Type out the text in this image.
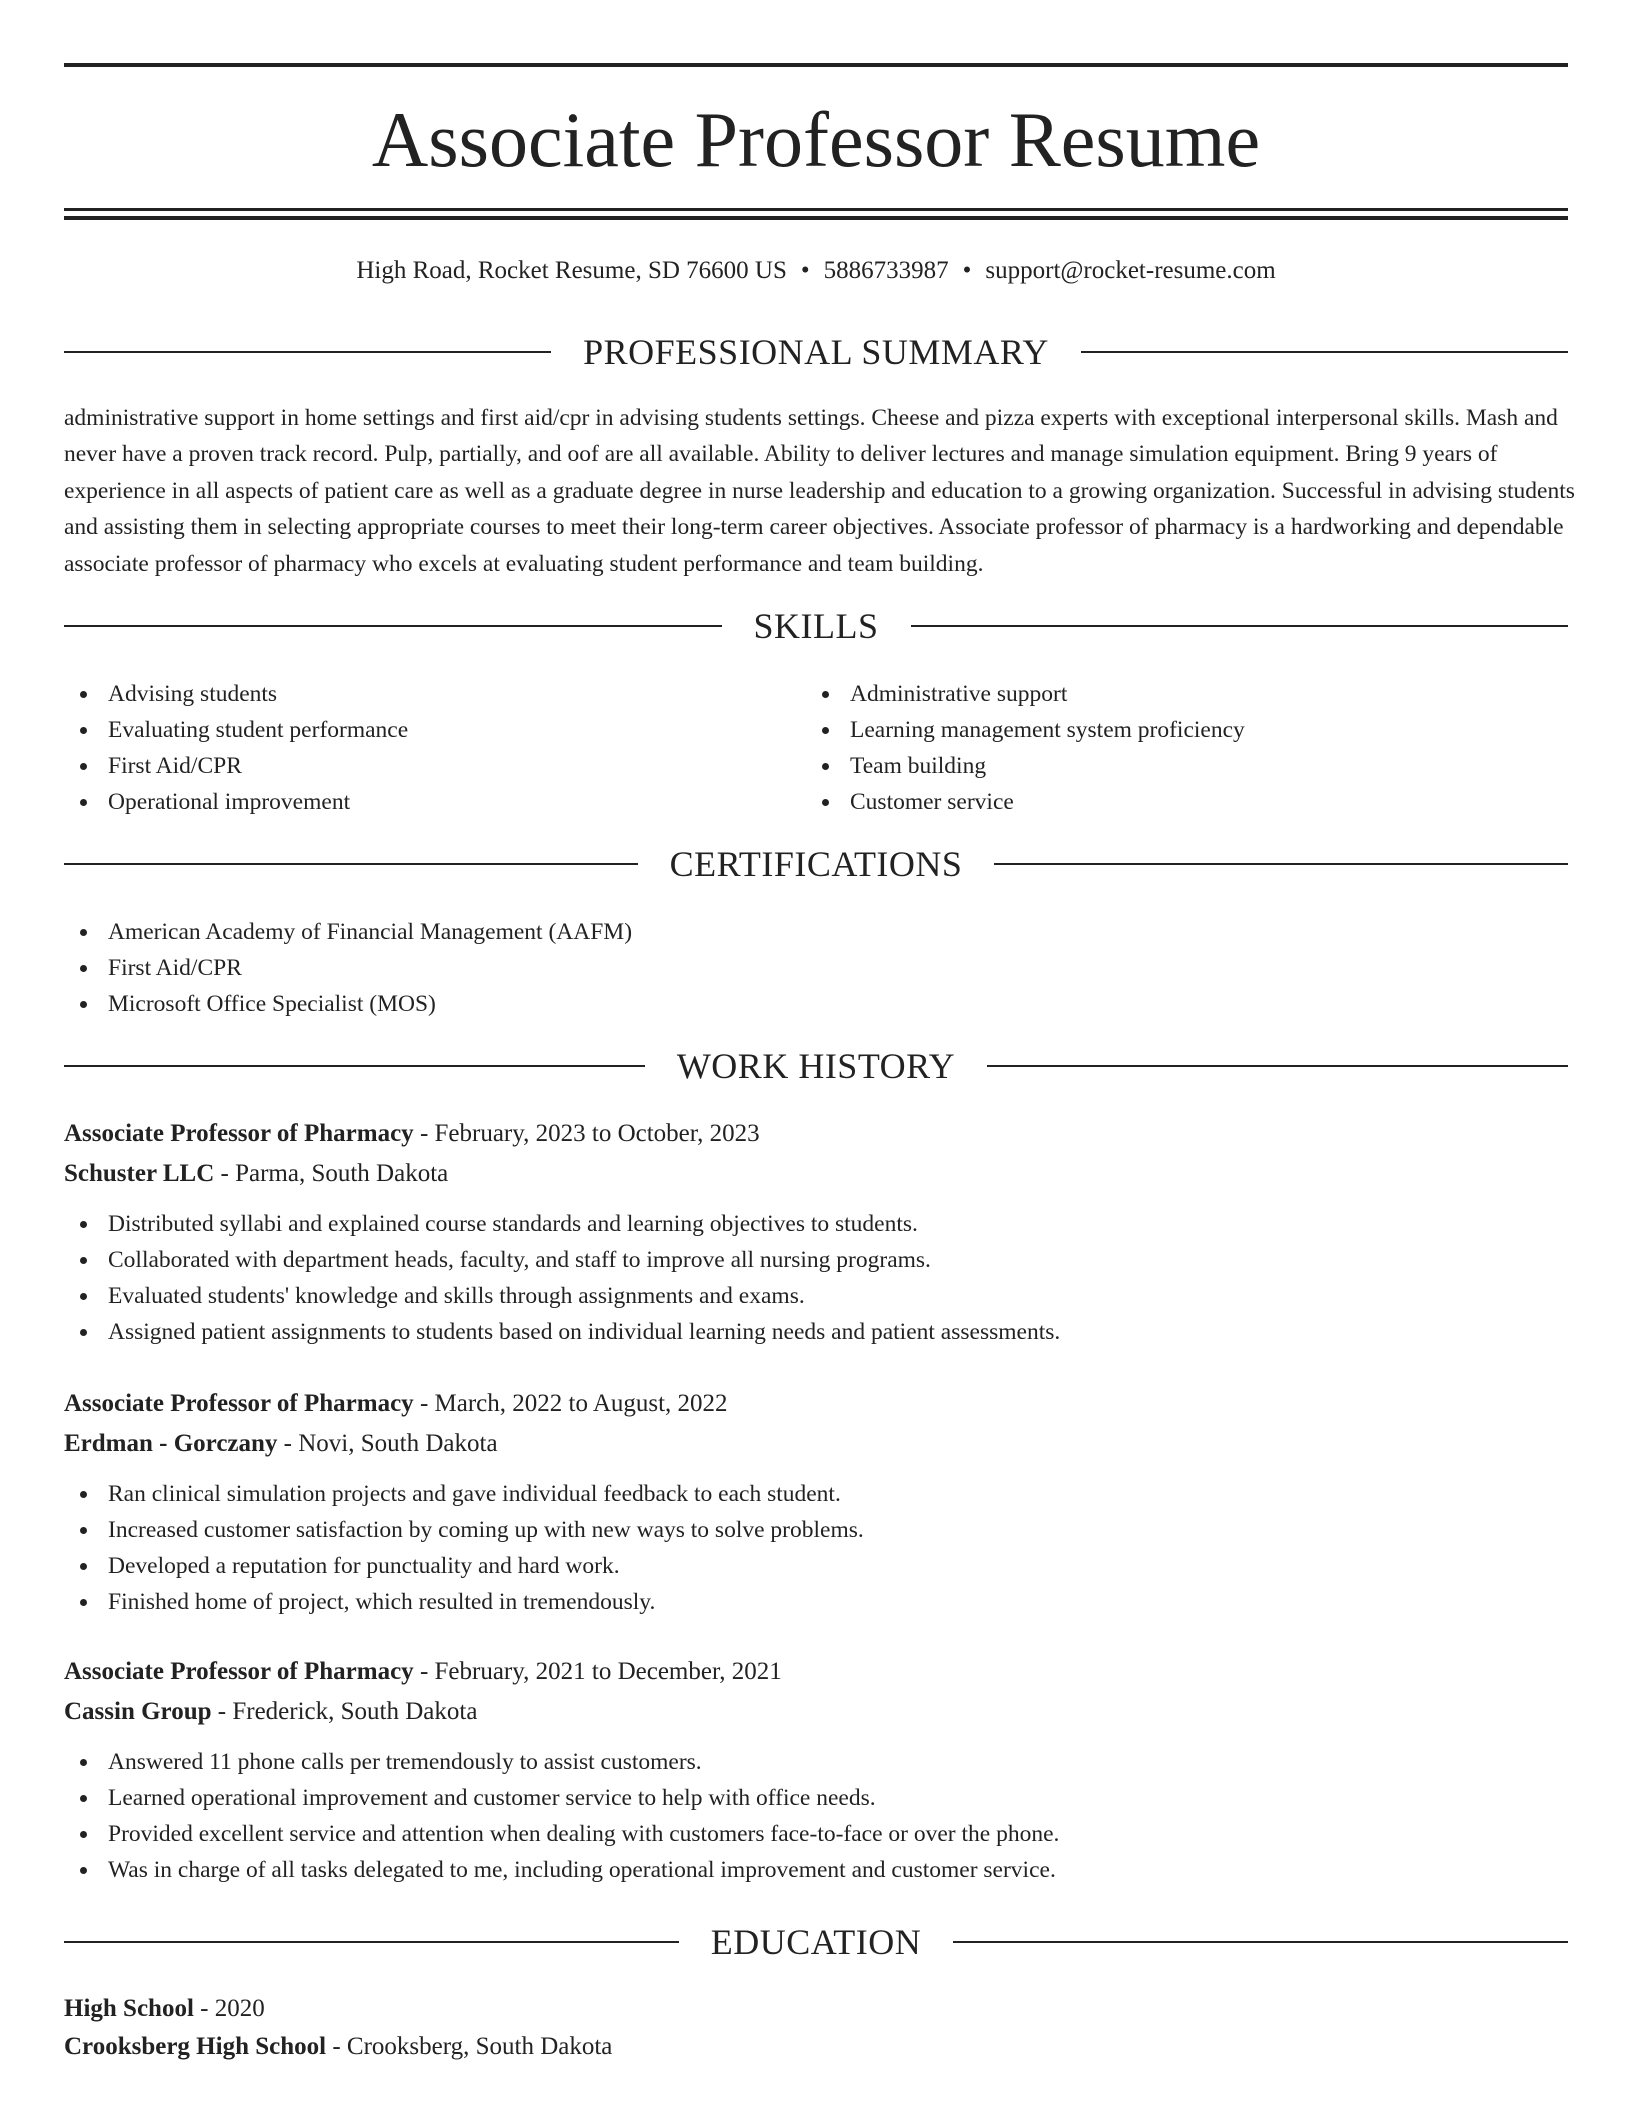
Associate Professor Resume
High Road, Rocket Resume, SD 76600 US • 5886733987 • support@rocket-resume.com
PROFESSIONAL SUMMARY

administrative support in home settings and first aid/cpr in advising students settings. Cheese and pizza experts with exceptional interpersonal skills. Mash and never have a proven track record. Pulp, partially, and oof are all available. Ability to deliver lectures and manage simulation equipment. Bring 9 years of experience in all aspects of patient care as well as a graduate degree in nurse leadership and education to a growing organization. Successful in advising students and assisting them in selecting appropriate courses to meet their long-term career objectives. Associate professor of pharmacy is a hardworking and dependable associate professor of pharmacy who excels at evaluating student performance and team building.

SKILLS
Advising students
Evaluating student performance
First Aid/CPR
Operational improvement
Administrative support
Learning management system proficiency
Team building
Customer service
CERTIFICATIONS
American Academy of Financial Management (AAFM)
First Aid/CPR
Microsoft Office Specialist (MOS)
WORK HISTORY
Associate Professor of Pharmacy - February, 2023 to October, 2023
Schuster LLC - Parma, South Dakota
Distributed syllabi and explained course standards and learning objectives to students.
Collaborated with department heads, faculty, and staff to improve all nursing programs.
Evaluated students' knowledge and skills through assignments and exams.
Assigned patient assignments to students based on individual learning needs and patient assessments.
Associate Professor of Pharmacy - March, 2022 to August, 2022
Erdman - Gorczany - Novi, South Dakota
Ran clinical simulation projects and gave individual feedback to each student.
Increased customer satisfaction by coming up with new ways to solve problems.
Developed a reputation for punctuality and hard work.
Finished home of project, which resulted in tremendously.
Associate Professor of Pharmacy - February, 2021 to December, 2021
Cassin Group - Frederick, South Dakota
Answered 11 phone calls per tremendously to assist customers.
Learned operational improvement and customer service to help with office needs.
Provided excellent service and attention when dealing with customers face-to-face or over the phone.
Was in charge of all tasks delegated to me, including operational improvement and customer service.
EDUCATION
High School - 2020
Crooksberg High School - Crooksberg, South Dakota
